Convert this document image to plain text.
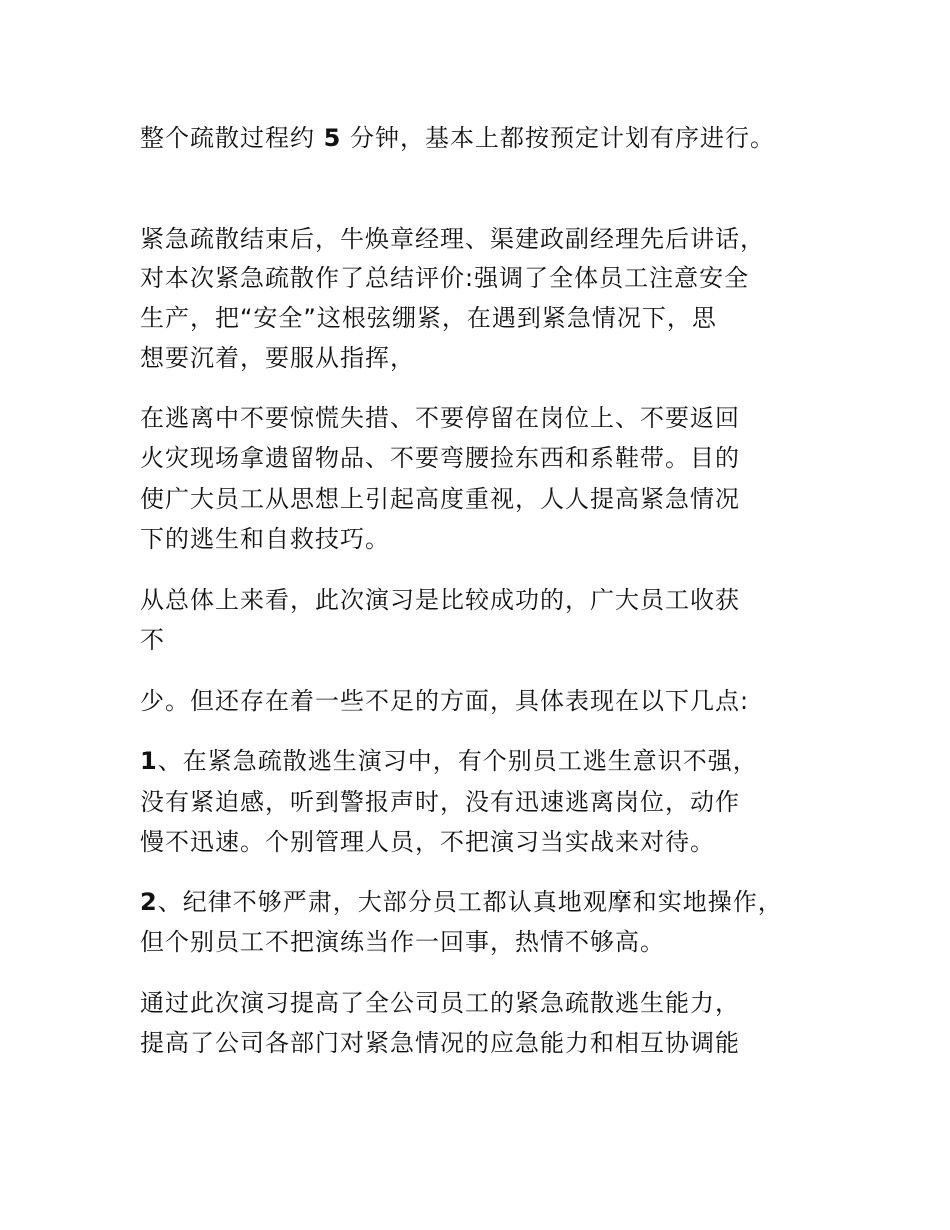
整个疏散过程约 5 分钟，基本上都按预定计划有序进行。
紧急疏散结束后，牛焕章经理、渠建政副经理先后讲话，
对本次紧急疏散作了总结评价:强调了全体员工注意安全
生产，把“安全”这根弦绷紧，在遇到紧急情况下，思
想要沉着，要服从指挥，
在逃离中不要惊慌失措、不要停留在岗位上、不要返回
火灾现场拿遗留物品、不要弯腰捡东西和系鞋带。目的
使广大员工从思想上引起高度重视，人人提高紧急情况
下的逃生和自救技巧。
从总体上来看，此次演习是比较成功的，广大员工收获
不
少。但还存在着一些不足的方面，具体表现在以下几点:
1、在紧急疏散逃生演习中，有个别员工逃生意识不强，
没有紧迫感，听到警报声时，没有迅速逃离岗位，动作
慢不迅速。个别管理人员，不把演习当实战来对待。
2、纪律不够严肃，大部分员工都认真地观摩和实地操作，
但个别员工不把演练当作一回事，热情不够高。
通过此次演习提高了全公司员工的紧急疏散逃生能力，
提高了公司各部门对紧急情况的应急能力和相互协调能
